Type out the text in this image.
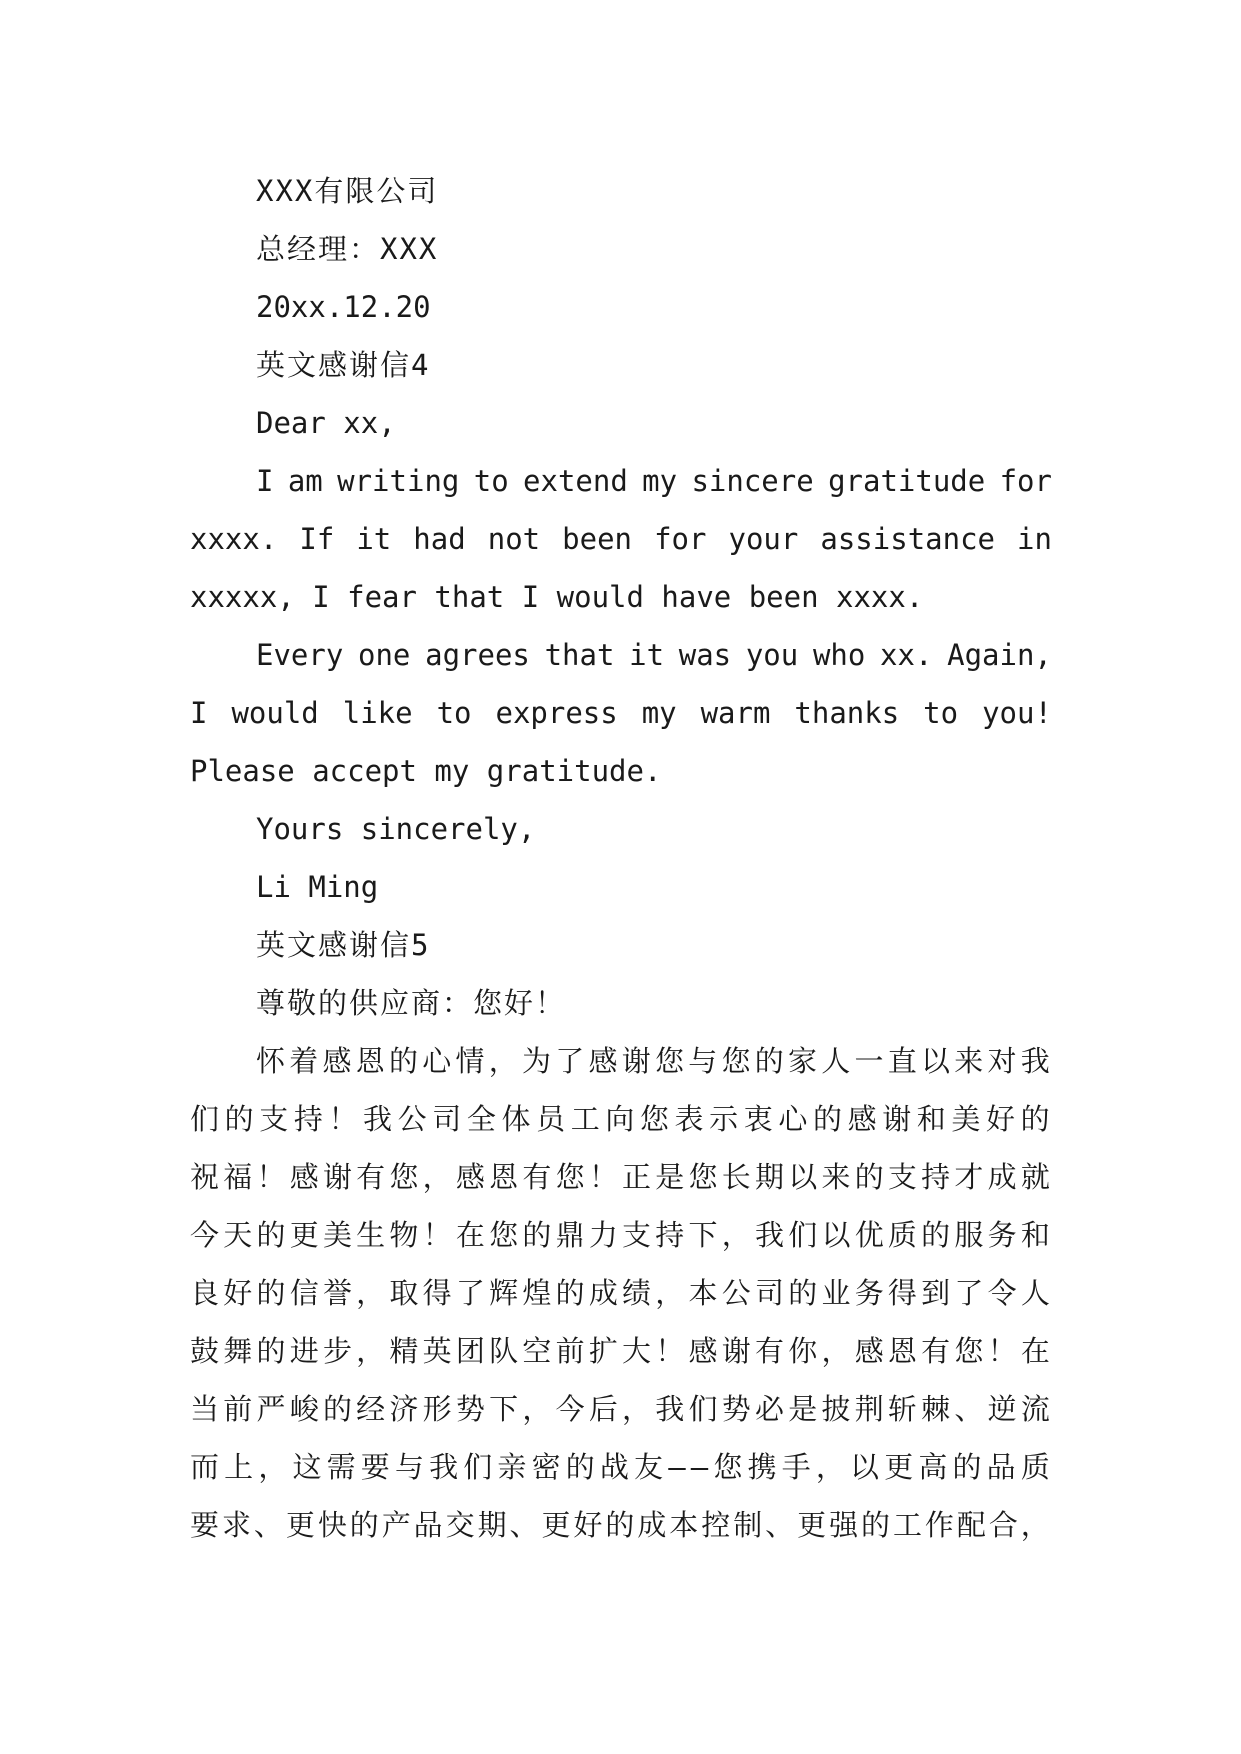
XXX有限公司
总经理：XXX
20xx.12.20
英文感谢信4
Dear xx,
I am writing to extend my sincere gratitude for
xxxx. If it had not been for your assistance in
xxxxx, I fear that I would have been xxxx.
Every one agrees that it was you who xx. Again,
I would like to express my warm thanks to you!
Please accept my gratitude.
Yours sincerely,
Li Ming
英文感谢信5
尊敬的供应商：您好！
怀 着 感 恩 的 心 情 ， 为 了 感 谢 您 与 您 的 家 人 一 直 以 来 对 我
们 的 支 持 ！ 我 公 司 全 体 员 工 向 您 表 示 衷 心 的 感 谢 和 美 好 的
祝 福 ！ 感 谢 有 您 ， 感 恩 有 您 ！ 正 是 您 长 期 以 来 的 支 持 才 成 就
今 天 的 更 美 生 物 ！ 在 您 的 鼎 力 支 持 下 ， 我 们 以 优 质 的 服 务 和
良 好 的 信 誉 ， 取 得 了 辉 煌 的 成 绩 ， 本 公 司 的 业 务 得 到 了 令 人
鼓 舞 的 进 步 ， 精 英 团 队 空 前 扩 大 ！ 感 谢 有 你 ， 感 恩 有 您 ！ 在
当 前 严 峻 的 经 济 形 势 下 ， 今 后 ， 我 们 势 必 是 披 荆 斩 棘 、 逆 流
而 上 ， 这 需 要 与 我 们 亲 密 的 战 友 — — 您 携 手 ， 以 更 高 的 品 质
要 求 、 更 快 的 产 品 交 期 、 更 好 的 成 本 控 制 、 更 强 的 工 作 配 合 ，
